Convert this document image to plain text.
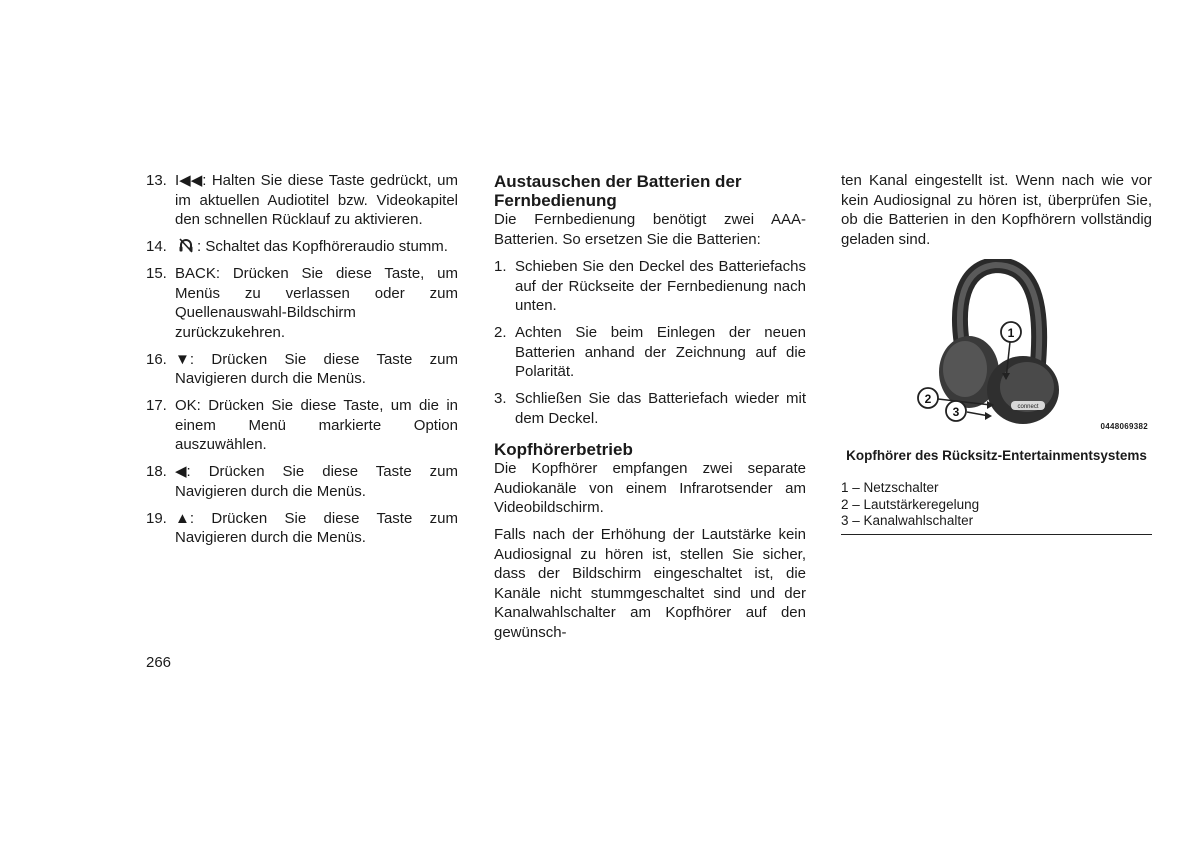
13. I◀◀: Halten Sie diese Taste gedrückt, um im aktuellen Audiotitel bzw. Videokapitel den schnellen Rücklauf zu aktivieren.
14.	: Schaltet das Kopfhöreraudio stumm.
15. BACK: Drücken Sie diese Taste, um Menüs zu verlassen oder zum Quellenauswahl-Bildschirm zurückzukehren.
16. ▼: Drücken Sie diese Taste zum Navigieren durch die Menüs.
17. OK: Drücken Sie diese Taste, um die in einem Menü markierte Option auszuwählen.
18. ◀: Drücken Sie diese Taste zum Navigieren durch die Menüs.
19. ▲: Drücken Sie diese Taste zum Navigieren durch die Menüs.
Austauschen der Batterien der Fernbedienung

Die Fernbedienung benötigt zwei AAA-Batterien. So ersetzen Sie die Batterien:

1. Schieben Sie den Deckel des Batteriefachs auf der Rückseite der Fernbedienung nach unten.
2. Achten Sie beim Einlegen der neuen Batterien anhand der Zeichnung auf die Polarität.
3. Schließen Sie das Batteriefach wieder mit dem Deckel.
Kopfhörerbetrieb

Die Kopfhörer empfangen zwei separate Audiokanäle von einem Infrarotsender am Videobildschirm.

Falls nach der Erhöhung der Lautstärke kein Audiosignal zu hören ist, stellen Sie sicher, dass der Bildschirm eingeschaltet ist, die Kanäle nicht stummgeschaltet sind und der Kanalwahlschalter am Kopfhörer auf den gewünsch-

ten Kanal eingestellt ist. Wenn nach wie vor kein Audiosignal zu hören ist, überprüfen Sie, ob die Batterien in den Kopfhörern vollständig geladen sind.

connect
1
2
3
0448069382
Kopfhörer des Rücksitz-Entertainmentsystems
1 – Netzschalter
2 – Lautstärkeregelung
3 – Kanalwahlschalter
266
